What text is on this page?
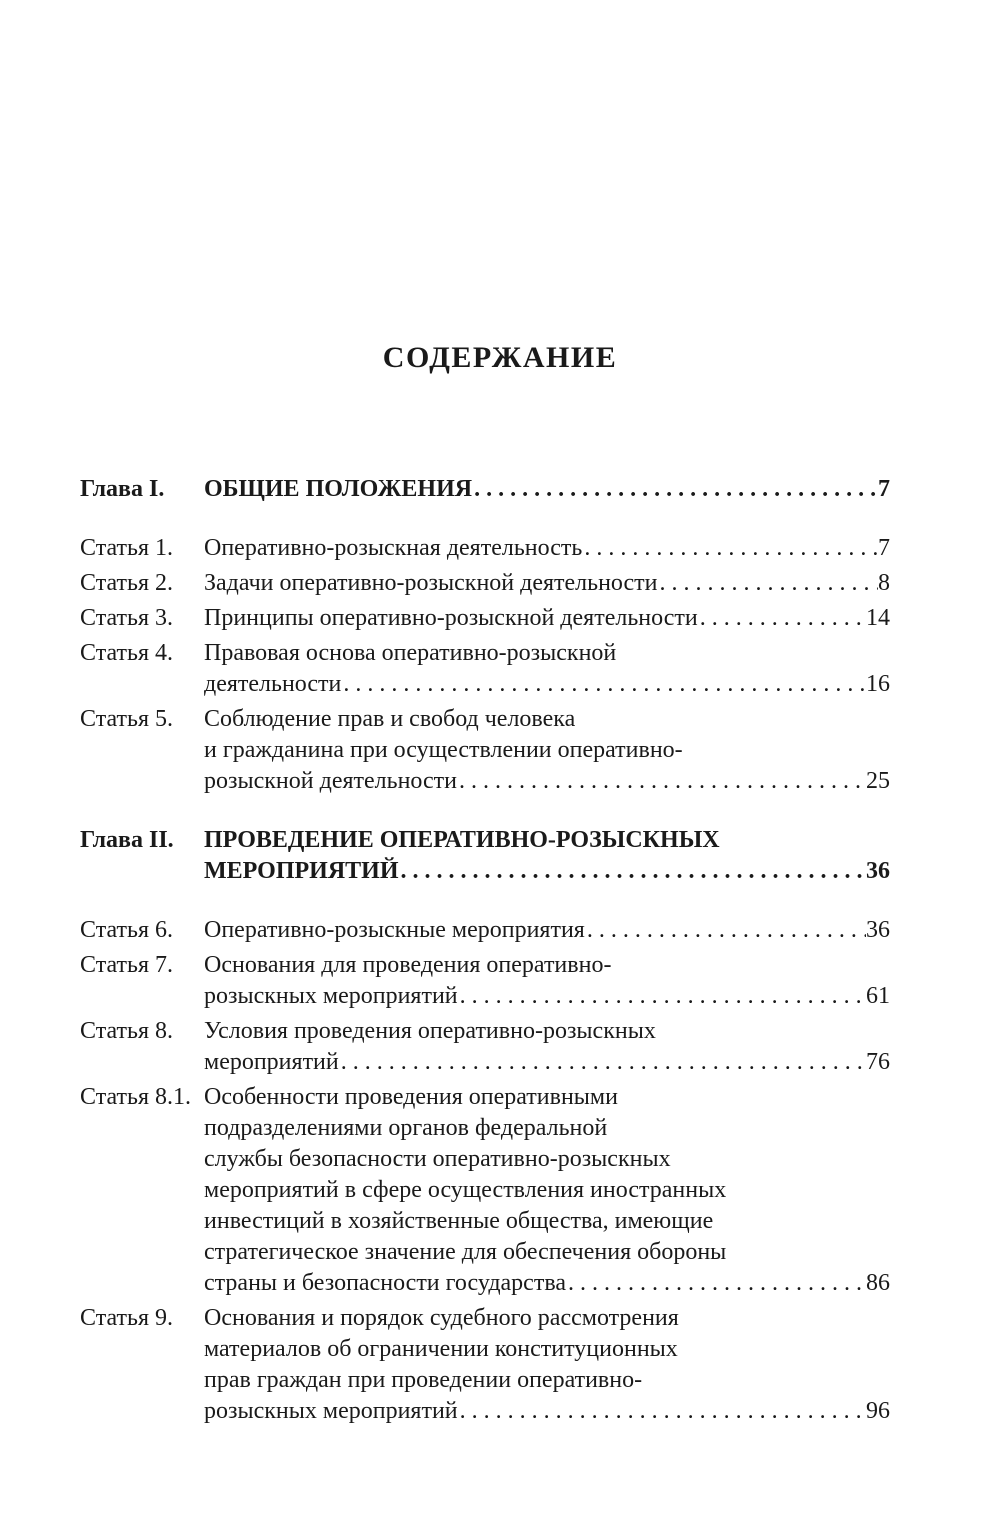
СОДЕРЖАНИЕ
Глава I.	ОБЩИЕ ПОЛОЖЕНИЯ . . .	7
Статья 1.	Оперативно-розыскная деятельность . . .	7
Статья 2.	Задачи оперативно-розыскной деятельности . . .	8
Статья 3.	Принципы оперативно-розыскной деятельности . . .	14
Статья 4.	Правовая основа оперативно-розыскной
деятельности . . .	16
Статья 5.	Соблюдение прав и свобод человека
и гражданина при осуществлении оперативно-
розыскной деятельности . . .	25
Глава II.	ПРОВЕДЕНИЕ ОПЕРАТИВНО-РОЗЫСКНЫХ
МЕРОПРИЯТИЙ . . .	36
Статья 6.	Оперативно-розыскные мероприятия . . .	36
Статья 7.	Основания для проведения оперативно-
розыскных мероприятий . . .	61
Статья 8.	Условия проведения оперативно-розыскных
мероприятий . . .	76
Статья 8.1. Особенности проведения оперативными
подразделениями органов федеральной
службы безопасности оперативно-розыскных
мероприятий в сфере осуществления иностранных
инвестиций в хозяйственные общества, имеющие
стратегическое значение для обеспечения обороны
страны и безопасности государства . . .	86
Статья 9.	Основания и порядок судебного рассмотрения
материалов об ограничении конституционных
прав граждан при проведении оперативно-
розыскных мероприятий . . .	96
